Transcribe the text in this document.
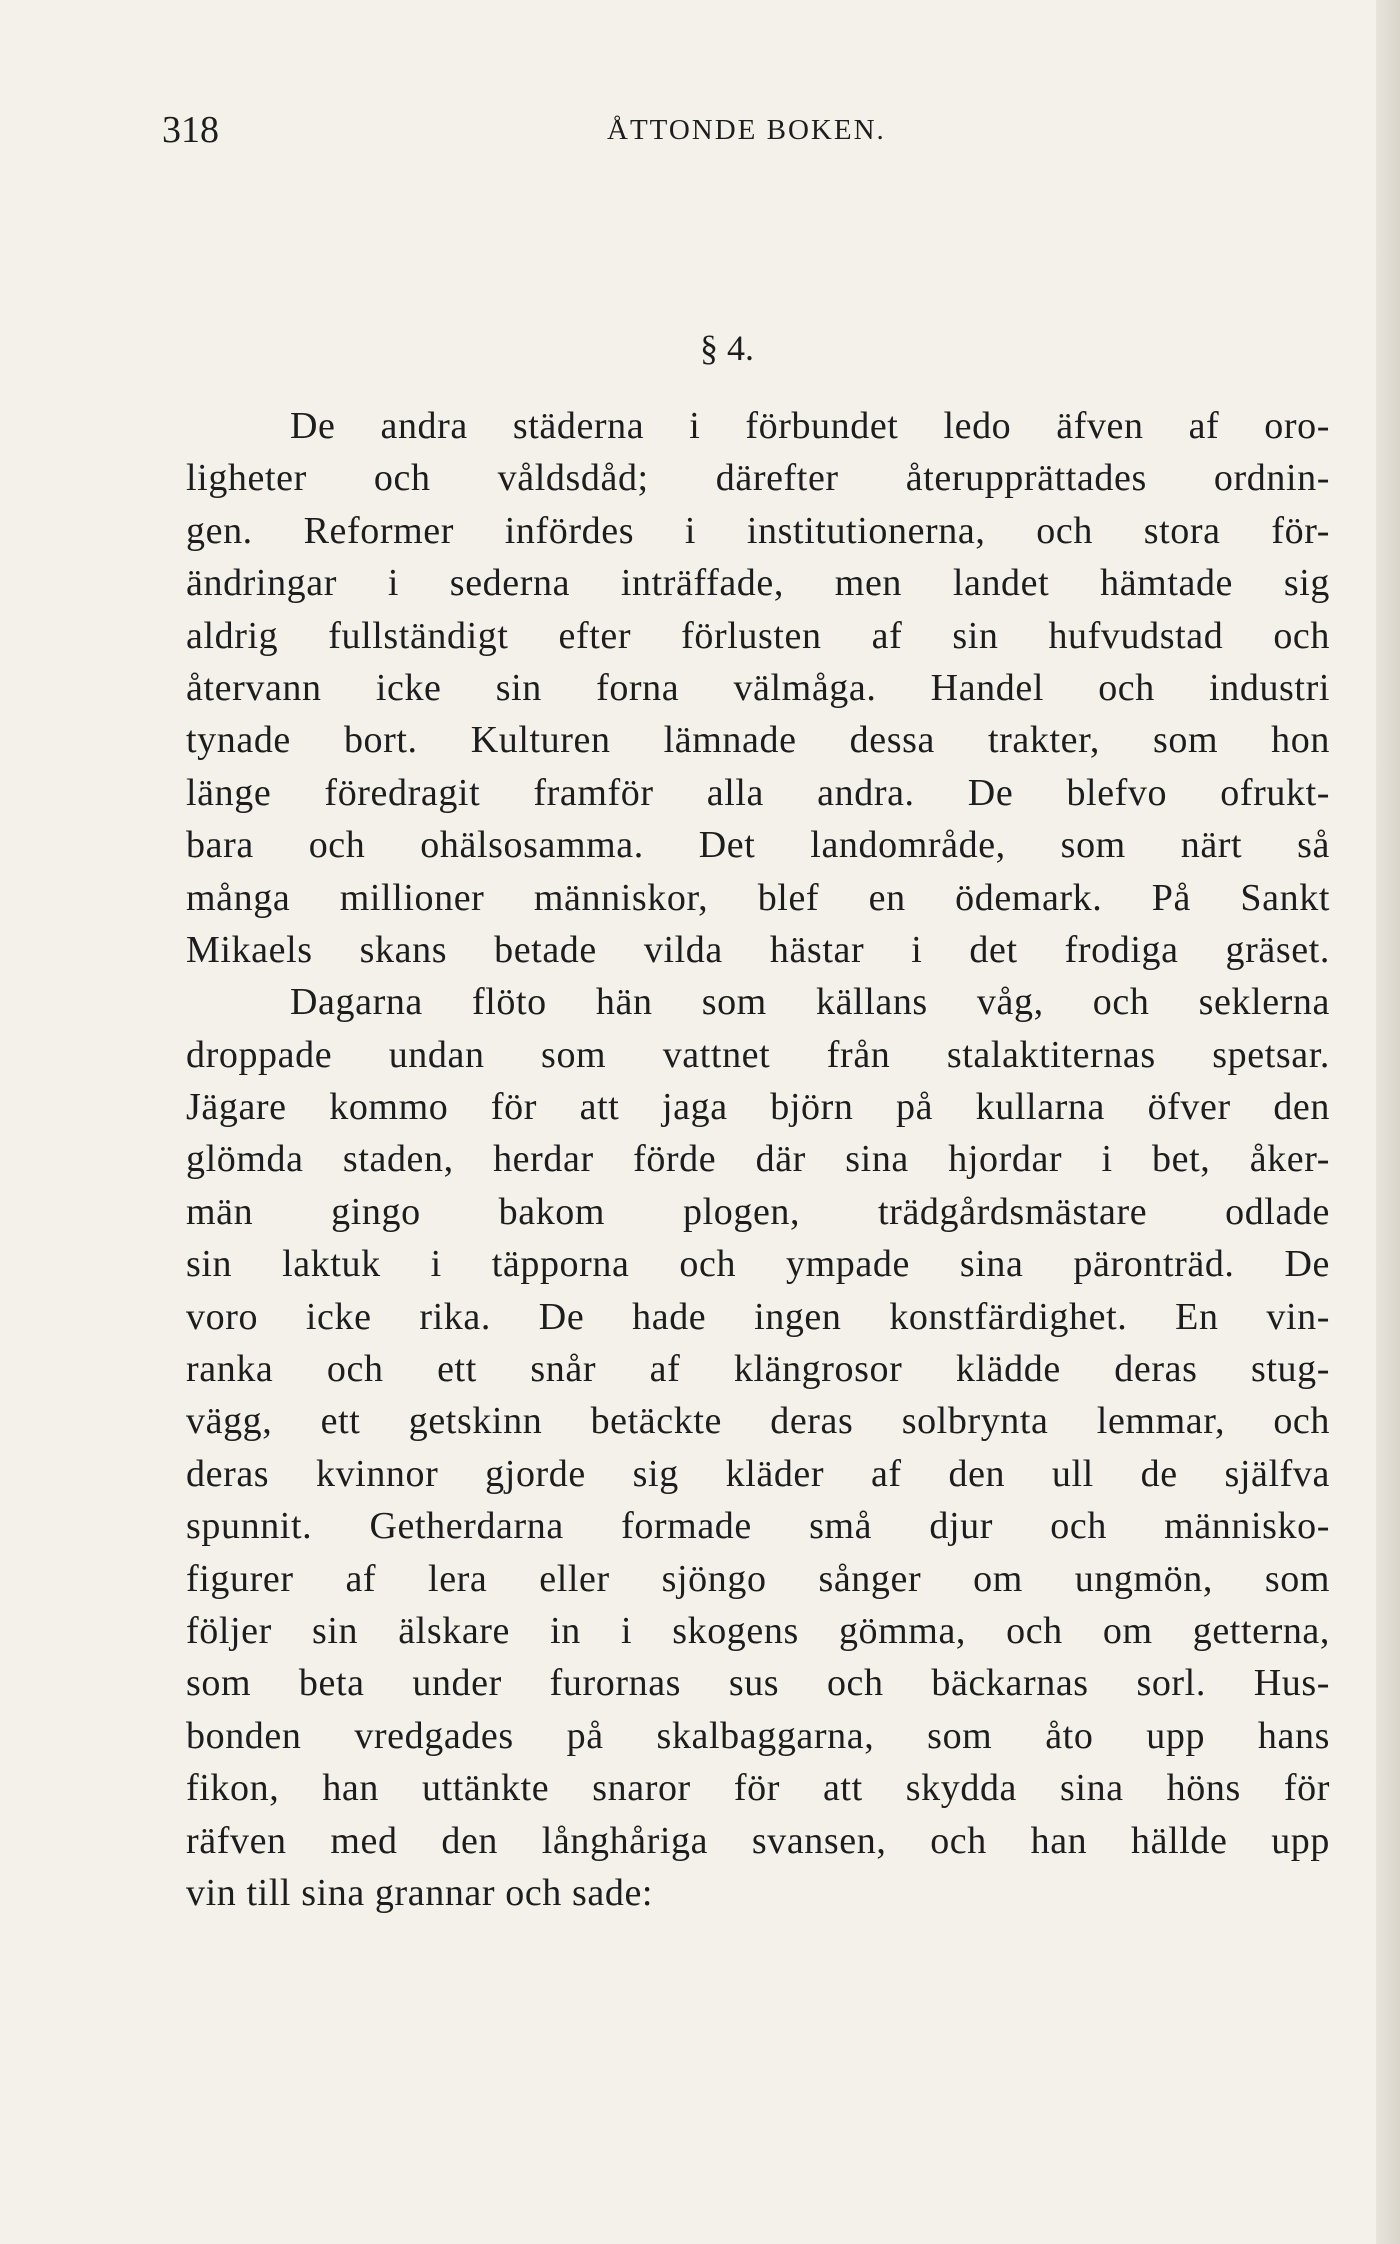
318	ÅTTONDE BOKEN.
§ 4.
De andra städerna i förbundet ledo äfven af oro-
ligheter och våldsdåd; därefter återupprättades ordnin-
gen. Reformer infördes i institutionerna, och stora för-
ändringar i sederna inträffade, men landet hämtade sig
aldrig fullständigt efter förlusten af sin hufvudstad och
återvann icke sin forna välmåga. Handel och industri
tynade bort. Kulturen lämnade dessa trakter, som hon
länge föredragit framför alla andra. De blefvo ofrukt-
bara och ohälsosamma. Det landområde, som närt så
många millioner människor, blef en ödemark. På Sankt
Mikaels skans betade vilda hästar i det frodiga gräset.
Dagarna flöto hän som källans våg, och seklerna
droppade undan som vattnet från stalaktiternas spetsar.
Jägare kommo för att jaga björn på kullarna öfver den
glömda staden, herdar förde där sina hjordar i bet, åker-
män gingo bakom plogen, trädgårdsmästare odlade
sin laktuk i täpporna och ympade sina päronträd. De
voro icke rika. De hade ingen konstfärdighet. En vin-
ranka och ett snår af klängrosor klädde deras stug-
vägg, ett getskinn betäckte deras solbrynta lemmar, och
deras kvinnor gjorde sig kläder af den ull de själfva
spunnit. Getherdarna formade små djur och människo-
figurer af lera eller sjöngo sånger om ungmön, som
följer sin älskare in i skogens gömma, och om getterna,
som beta under furornas sus och bäckarnas sorl. Hus-
bonden vredgades på skalbaggarna, som åto upp hans
fikon, han uttänkte snaror för att skydda sina höns för
räfven med den långhåriga svansen, och han hällde upp
vin till sina grannar och sade:
